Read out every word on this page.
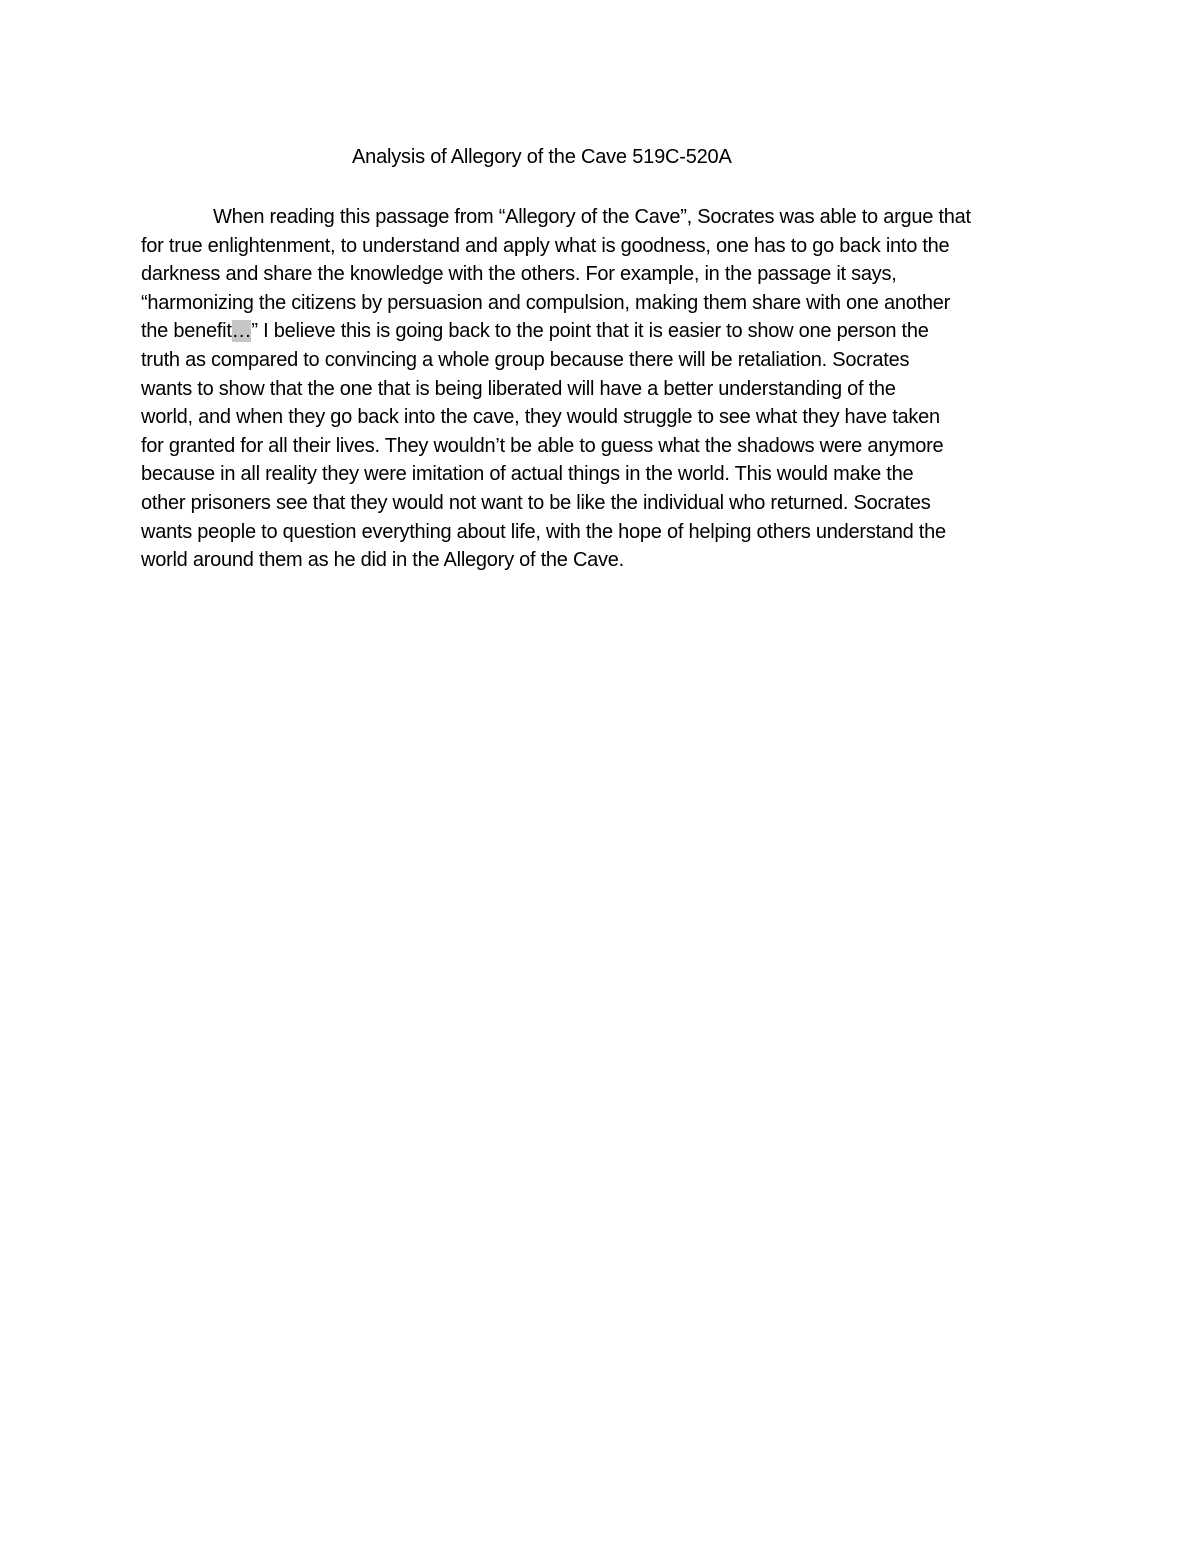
Analysis of Allegory of the Cave 519C-520A
When reading this passage from “Allegory of the Cave”, Socrates was able to argue that
for true enlightenment, to understand and apply what is goodness, one has to go back into the
darkness and share the knowledge with the others. For example, in the passage it says,
“harmonizing the citizens by persuasion and compulsion, making them share with one another
the benefit…” I believe this is going back to the point that it is easier to show one person the
truth as compared to convincing a whole group because there will be retaliation. Socrates
wants to show that the one that is being liberated will have a better understanding of the
world, and when they go back into the cave, they would struggle to see what they have taken
for granted for all their lives. They wouldn’t be able to guess what the shadows were anymore
because in all reality they were imitation of actual things in the world. This would make the
other prisoners see that they would not want to be like the individual who returned. Socrates
wants people to question everything about life, with the hope of helping others understand the
world around them as he did in the Allegory of the Cave.
